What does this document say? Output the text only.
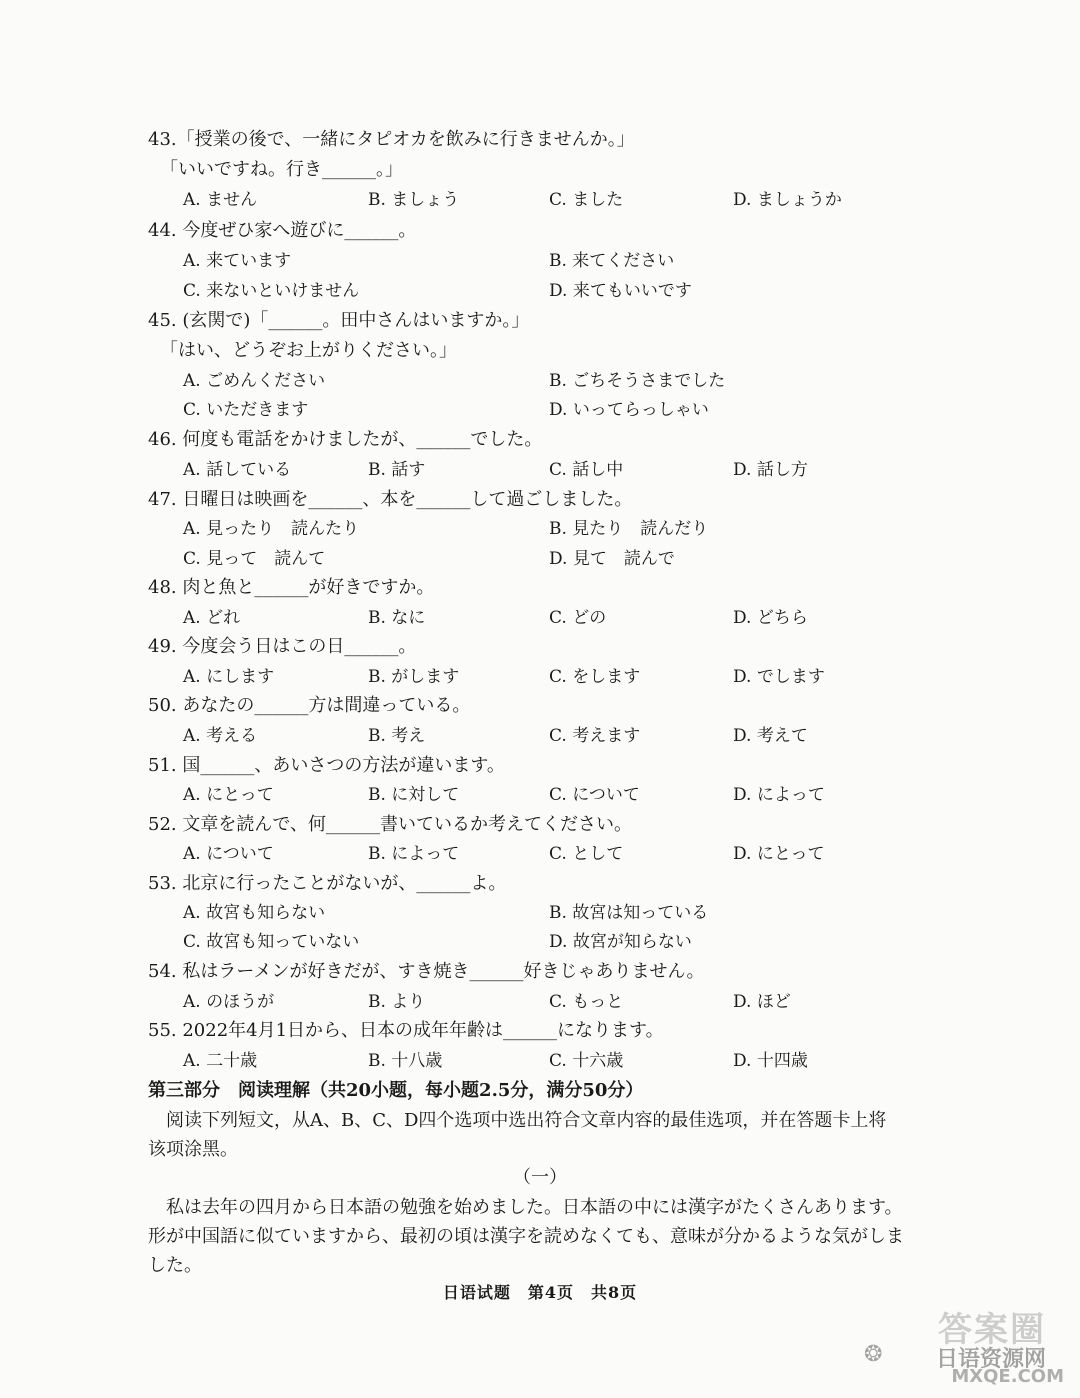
43.「授業の後で、一緒にタピオカを飲みに行きませんか。」
「いいですね。行き______。」
A. ません	B. ましょう	C. ました	D. ましょうか
44. 今度ぜひ家へ遊びに______。
A. 来ています	B. 来てください
C. 来ないといけません	D. 来てもいいです
45. (玄関で)「______。田中さんはいますか。」
「はい、どうぞお上がりください。」
A. ごめんください	B. ごちそうさまでした
C. いただきます	D. いってらっしゃい
46. 何度も電話をかけましたが、______でした。
A. 話している	B. 話す	C. 話し中	D. 話し方
47. 日曜日は映画を______、本を______して過ごしました。
A. 見ったり　読んたり	B. 見たり　読んだり
C. 見って　読んて	D. 見て　読んで
48. 肉と魚と______が好きですか。
A. どれ	B. なに	C. どの	D. どちら
49. 今度会う日はこの日______。
A. にします	B. がします	C. をします	D. でします
50. あなたの______方は間違っている。
A. 考える	B. 考え	C. 考えます	D. 考えて
51. 国______、あいさつの方法が違います。
A. にとって	B. に対して	C. について	D. によって
52. 文章を読んで、何______書いているか考えてください。
A. について	B. によって	C. として	D. にとって
53. 北京に行ったことがないが、______よ。
A. 故宮も知らない	B. 故宮は知っている
C. 故宮も知っていない	D. 故宮が知らない
54. 私はラーメンが好きだが、すき焼き______好きじゃありません。
A. のほうが	B. より	C. もっと	D. ほど
55. 2022年4月1日から、日本の成年年齢は______になります。
A. 二十歳	B. 十八歳	C. 十六歳	D. 十四歳
第三部分　阅读理解（共20小题，每小题2.5分，满分50分）
　阅读下列短文，从A、B、C、D四个选项中选出符合文章内容的最佳选项，并在答题卡上将
该项涂黑。
（一）
　私は去年の四月から日本語の勉強を始めました。日本語の中には漢字がたくさんあります。
形が中国語に似ていますから、最初の頃は漢字を読めなくても、意味が分かるような気がしま
した。
日语试题　第4页　共8页
答案圈
❂ 日语资源网
MXQE.COM
